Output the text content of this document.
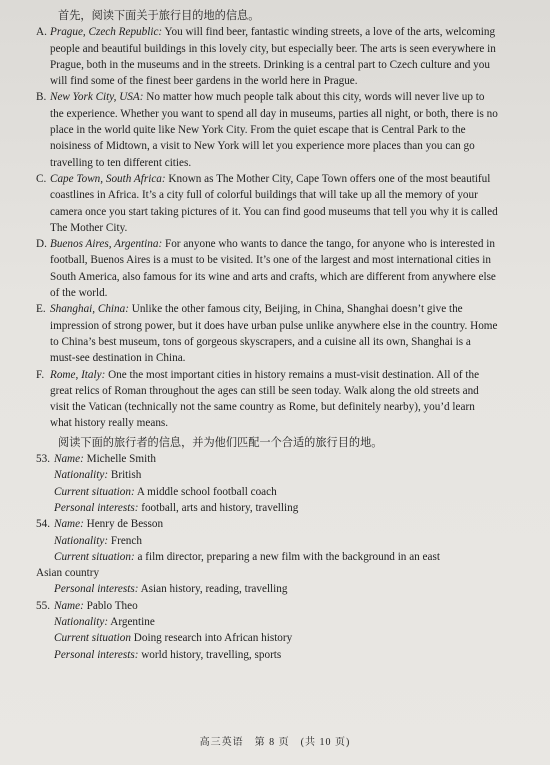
首先，阅读下面关于旅行目的地的信息。

A. Prague, Czech Republic: You will find beer, fantastic winding streets, a love of the arts, welcoming people and beautiful buildings in this lovely city, but especially beer. The arts is seen everywhere in Prague, both in the museums and in the streets. Drinking is a central part to Czech culture and you will find some of the finest beer gardens in the world here in Prague.

B. New York City, USA: No matter how much people talk about this city, words will never live up to the experience. Whether you want to spend all day in museums, parties all night, or both, there is no place in the world quite like New York City. From the quiet escape that is Central Park to the noisiness of Midtown, a visit to New York will let you experience more places than you can go travelling to ten different cities.

C. Cape Town, South Africa: Known as The Mother City, Cape Town offers one of the most beautiful coastlines in Africa. It’s a city full of colorful buildings that will take up all the memory of your camera once you start taking pictures of it. You can find good museums that tell you why it is called The Mother City.

D. Buenos Aires, Argentina: For anyone who wants to dance the tango, for anyone who is interested in football, Buenos Aires is a must to be visited. It’s one of the largest and most international cities in South America, also famous for its wine and arts and crafts, which are different from anywhere else of the world.

E. Shanghai, China: Unlike the other famous city, Beijing, in China, Shanghai doesn’t give the impression of strong power, but it does have urban pulse unlike anywhere else in the country. Home to China’s best museum, tons of gorgeous skyscrapers, and a cuisine all its own, Shanghai is a must-see destination in China.

F. Rome, Italy: One the most important cities in history remains a must-visit destination. All of the great relics of Roman throughout the ages can still be seen today. Walk along the old streets and visit the Vatican (technically not the same country as Rome, but definitely nearby), you’d learn what history really means.

阅读下面的旅行者的信息，并为他们匹配一个合适的旅行目的地。

53. Name: Michelle Smith
Nationality: British
Current situation: A middle school football coach
Personal interests: football, arts and history, travelling
54. Name: Henry de Besson
Nationality: French
Current situation: a film director, preparing a new film with the background in an east
Asian country
Personal interests: Asian history, reading, travelling
55. Name: Pablo Theo
Nationality: Argentine
Current situation Doing research into African history
Personal interests: world history, travelling, sports
高三英语　第 8 页　(共 10 页)
